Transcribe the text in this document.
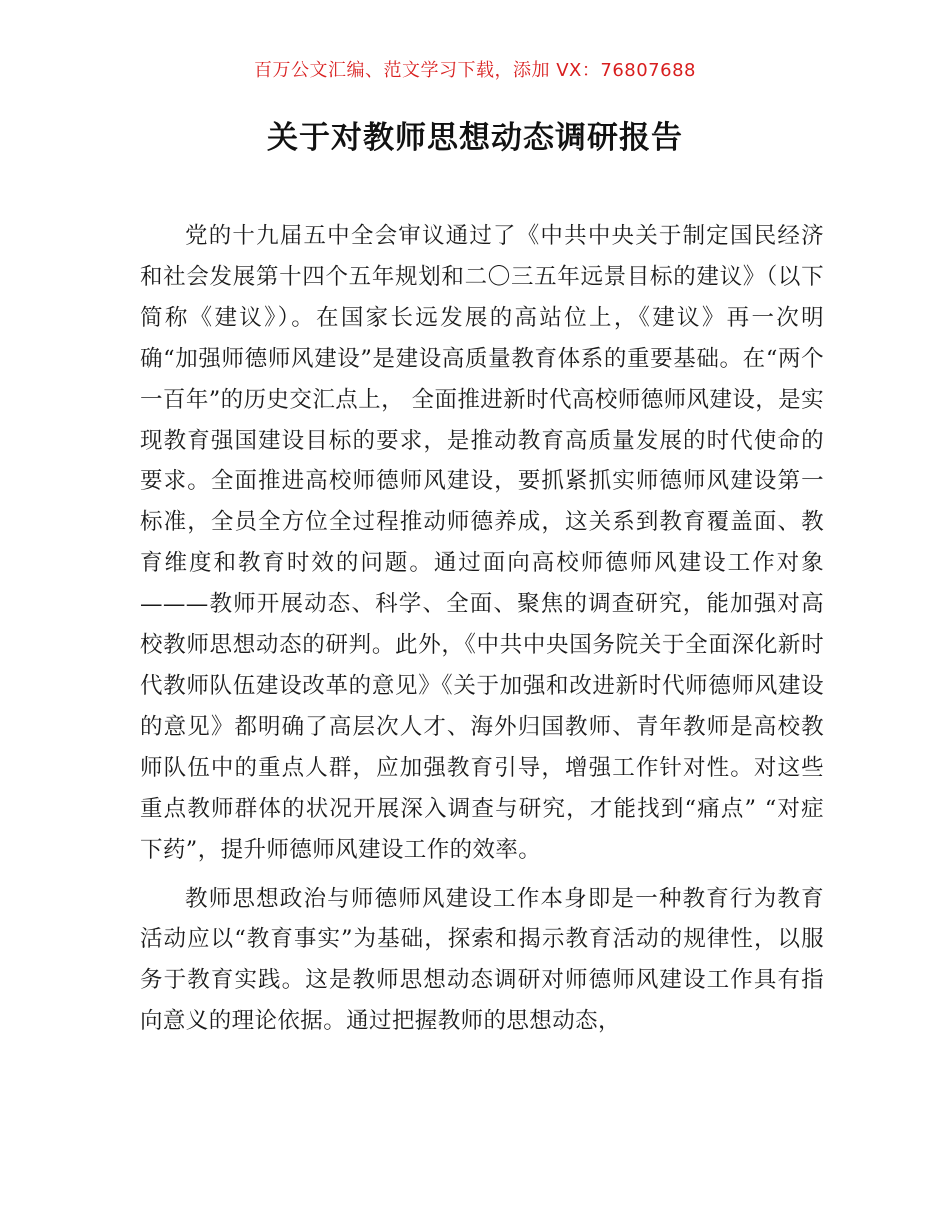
百万公文汇编、范文学习下载，添加 VX：76807688
关于对教师思想动态调研报告

党的十九届五中全会审议通过了《中共中央关于制定国民经济和社会发展第十四个五年规划和二〇三五年远景目标的建议》（以下简称《建议》）。在国家长远发展的高站位上，《建议》再一次明确“加强师德师风建设”是建设高质量教育体系的重要基础。在“两个一百年”的历史交汇点上， 全面推进新时代高校师德师风建设，是实现教育强国建设目标的要求，是推动教育高质量发展的时代使命的要求。全面推进高校师德师风建设，要抓紧抓实师德师风建设第一标准，全员全方位全过程推动师德养成，这关系到教育覆盖面、教育维度和教育时效的问题。通过面向高校师德师风建设工作对象———教师开展动态、科学、全面、聚焦的调查研究，能加强对高校教师思想动态的研判。此外，《中共中央国务院关于全面深化新时代教师队伍建设改革的意见》《关于加强和改进新时代师德师风建设的意见》都明确了高层次人才、海外归国教师、青年教师是高校教师队伍中的重点人群，应加强教育引导，增强工作针对性。对这些重点教师群体的状况开展深入调查与研究，才能找到“痛点” “对症下药”，提升师德师风建设工作的效率。

教师思想政治与师德师风建设工作本身即是一种教育行为教育活动应以“教育事实”为基础，探索和揭示教育活动的规律性，以服务于教育实践。这是教师思想动态调研对师德师风建设工作具有指向意义的理论依据。通过把握教师的思想动态，
